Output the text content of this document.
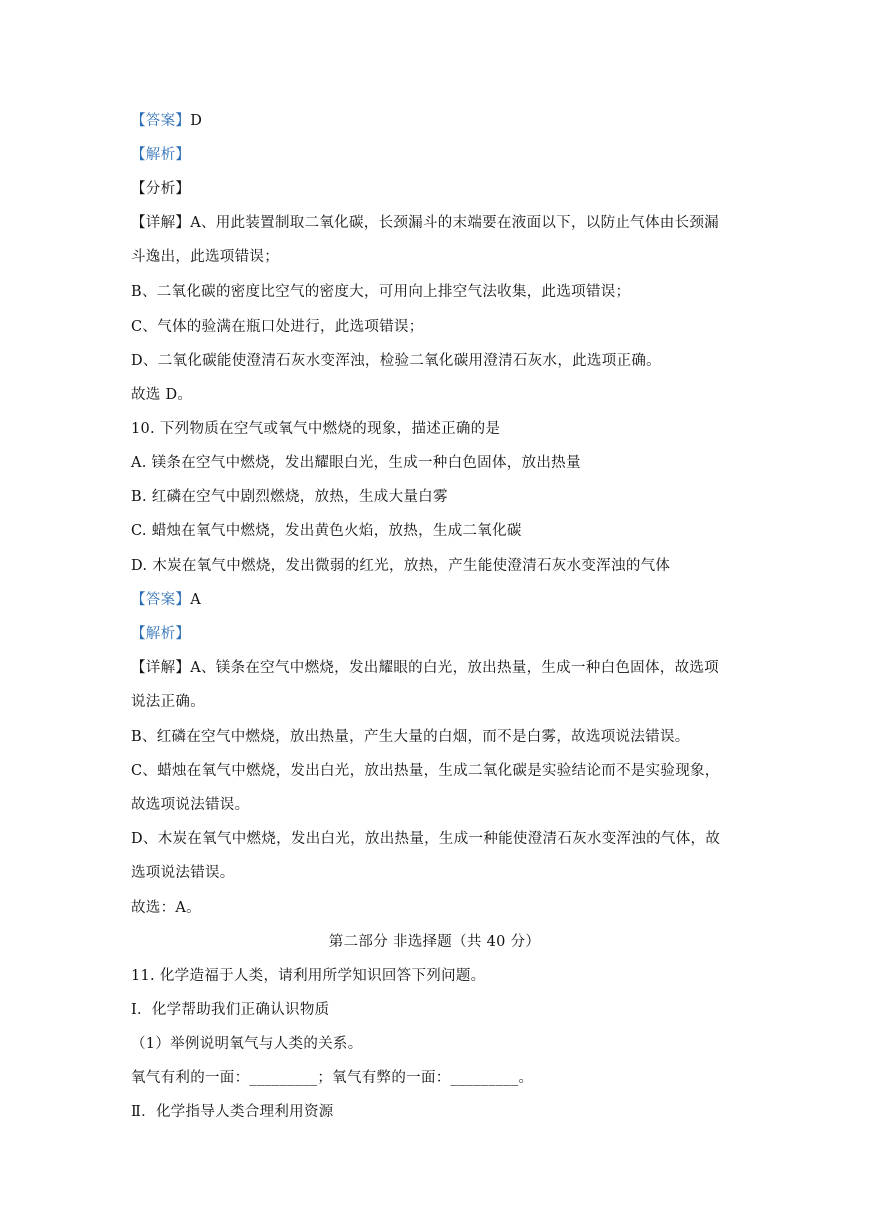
【答案】D
【解析】
【分析】
【详解】A、用此装置制取二氧化碳，长颈漏斗的末端要在液面以下，以防止气体由长颈漏
斗逸出，此选项错误；
B、二氧化碳的密度比空气的密度大，可用向上排空气法收集，此选项错误；
C、气体的验满在瓶口处进行，此选项错误；
D、二氧化碳能使澄清石灰水变浑浊，检验二氧化碳用澄清石灰水，此选项正确。
故选 D。
10. 下列物质在空气或氧气中燃烧的现象，描述正确的是
A. 镁条在空气中燃烧，发出耀眼白光，生成一种白色固体，放出热量
B. 红磷在空气中剧烈燃烧，放热，生成大量白雾
C. 蜡烛在氧气中燃烧，发出黄色火焰，放热，生成二氧化碳
D. 木炭在氧气中燃烧，发出微弱的红光，放热，产生能使澄清石灰水变浑浊的气体
【答案】A
【解析】
【详解】A、镁条在空气中燃烧，发出耀眼的白光，放出热量，生成一种白色固体，故选项
说法正确。
B、红磷在空气中燃烧，放出热量，产生大量的白烟，而不是白雾，故选项说法错误。
C、蜡烛在氧气中燃烧，发出白光，放出热量，生成二氧化碳是实验结论而不是实验现象，
故选项说法错误。
D、木炭在氧气中燃烧，发出白光，放出热量，生成一种能使澄清石灰水变浑浊的气体，故
选项说法错误。
故选：A。
第二部分 非选择题（共 40 分）
11. 化学造福于人类，请利用所学知识回答下列问题。
I．化学帮助我们正确认识物质
（1）举例说明氧气与人类的关系。
氧气有利的一面：_________；氧气有弊的一面：_________。
Ⅱ．化学指导人类合理利用资源
